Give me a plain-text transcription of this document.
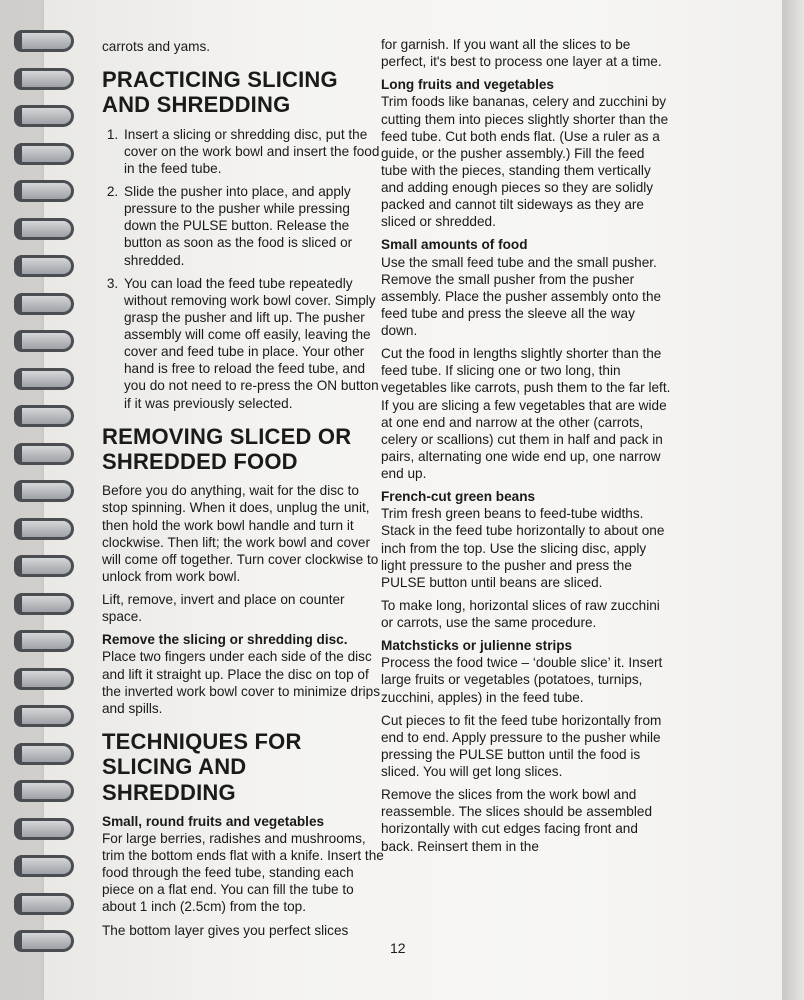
carrots and yams.

PRACTICING SLICING AND SHREDDING
1. Insert a slicing or shredding disc, put the cover on the work bowl and insert the food in the feed tube.
2. Slide the pusher into place, and apply pressure to the pusher while pressing down the PULSE button. Release the button as soon as the food is sliced or shredded.
3. You can load the feed tube repeatedly without removing work bowl cover. Simply grasp the pusher and lift up. The pusher assembly will come off easily, leaving the cover and feed tube in place. Your other hand is free to reload the feed tube, and you do not need to re-press the ON button if it was previously selected.
REMOVING SLICED OR SHREDDED FOOD

Before you do anything, wait for the disc to stop spinning. When it does, unplug the unit, then hold the work bowl handle and turn it clockwise. Then lift; the work bowl and cover will come off together. Turn cover clockwise to unlock from work bowl.

Lift, remove, invert and place on counter space.

Remove the slicing or shredding disc.

Place two fingers under each side of the disc and lift it straight up. Place the disc on top of the inverted work bowl cover to minimize drips and spills.

TECHNIQUES FOR SLICING AND SHREDDING
Small, round fruits and vegetables

For large berries, radishes and mushrooms, trim the bottom ends flat with a knife. Insert the food through the feed tube, standing each piece on a flat end. You can fill the tube to about 1 inch (2.5cm) from the top.

The bottom layer gives you perfect slices

for garnish. If you want all the slices to be perfect, it's best to process one layer at a time.

Long fruits and vegetables

Trim foods like bananas, celery and zucchini by cutting them into pieces slightly shorter than the feed tube. Cut both ends flat. (Use a ruler as a guide, or the pusher assembly.) Fill the feed tube with the pieces, standing them vertically and adding enough pieces so they are solidly packed and cannot tilt sideways as they are sliced or shredded.

Small amounts of food

Use the small feed tube and the small pusher. Remove the small pusher from the pusher assembly. Place the pusher assembly onto the feed tube and press the sleeve all the way down.

Cut the food in lengths slightly shorter than the feed tube. If slicing one or two long, thin vegetables like carrots, push them to the far left. If you are slicing a few vegetables that are wide at one end and narrow at the other (carrots, celery or scallions) cut them in half and pack in pairs, alternating one wide end up, one narrow end up.

French-cut green beans

Trim fresh green beans to feed-tube widths. Stack in the feed tube horizontally to about one inch from the top. Use the slicing disc, apply light pressure to the pusher and press the PULSE button until beans are sliced.

To make long, horizontal slices of raw zucchini or carrots, use the same procedure.

Matchsticks or julienne strips

Process the food twice – ‘double slice’ it. Insert large fruits or vegetables (potatoes, turnips, zucchini, apples) in the feed tube.

Cut pieces to fit the feed tube horizontally from end to end. Apply pressure to the pusher while pressing the PULSE button until the food is sliced. You will get long slices.

Remove the slices from the work bowl and reassemble. The slices should be assembled horizontally with cut edges facing front and back. Reinsert them in the

12
